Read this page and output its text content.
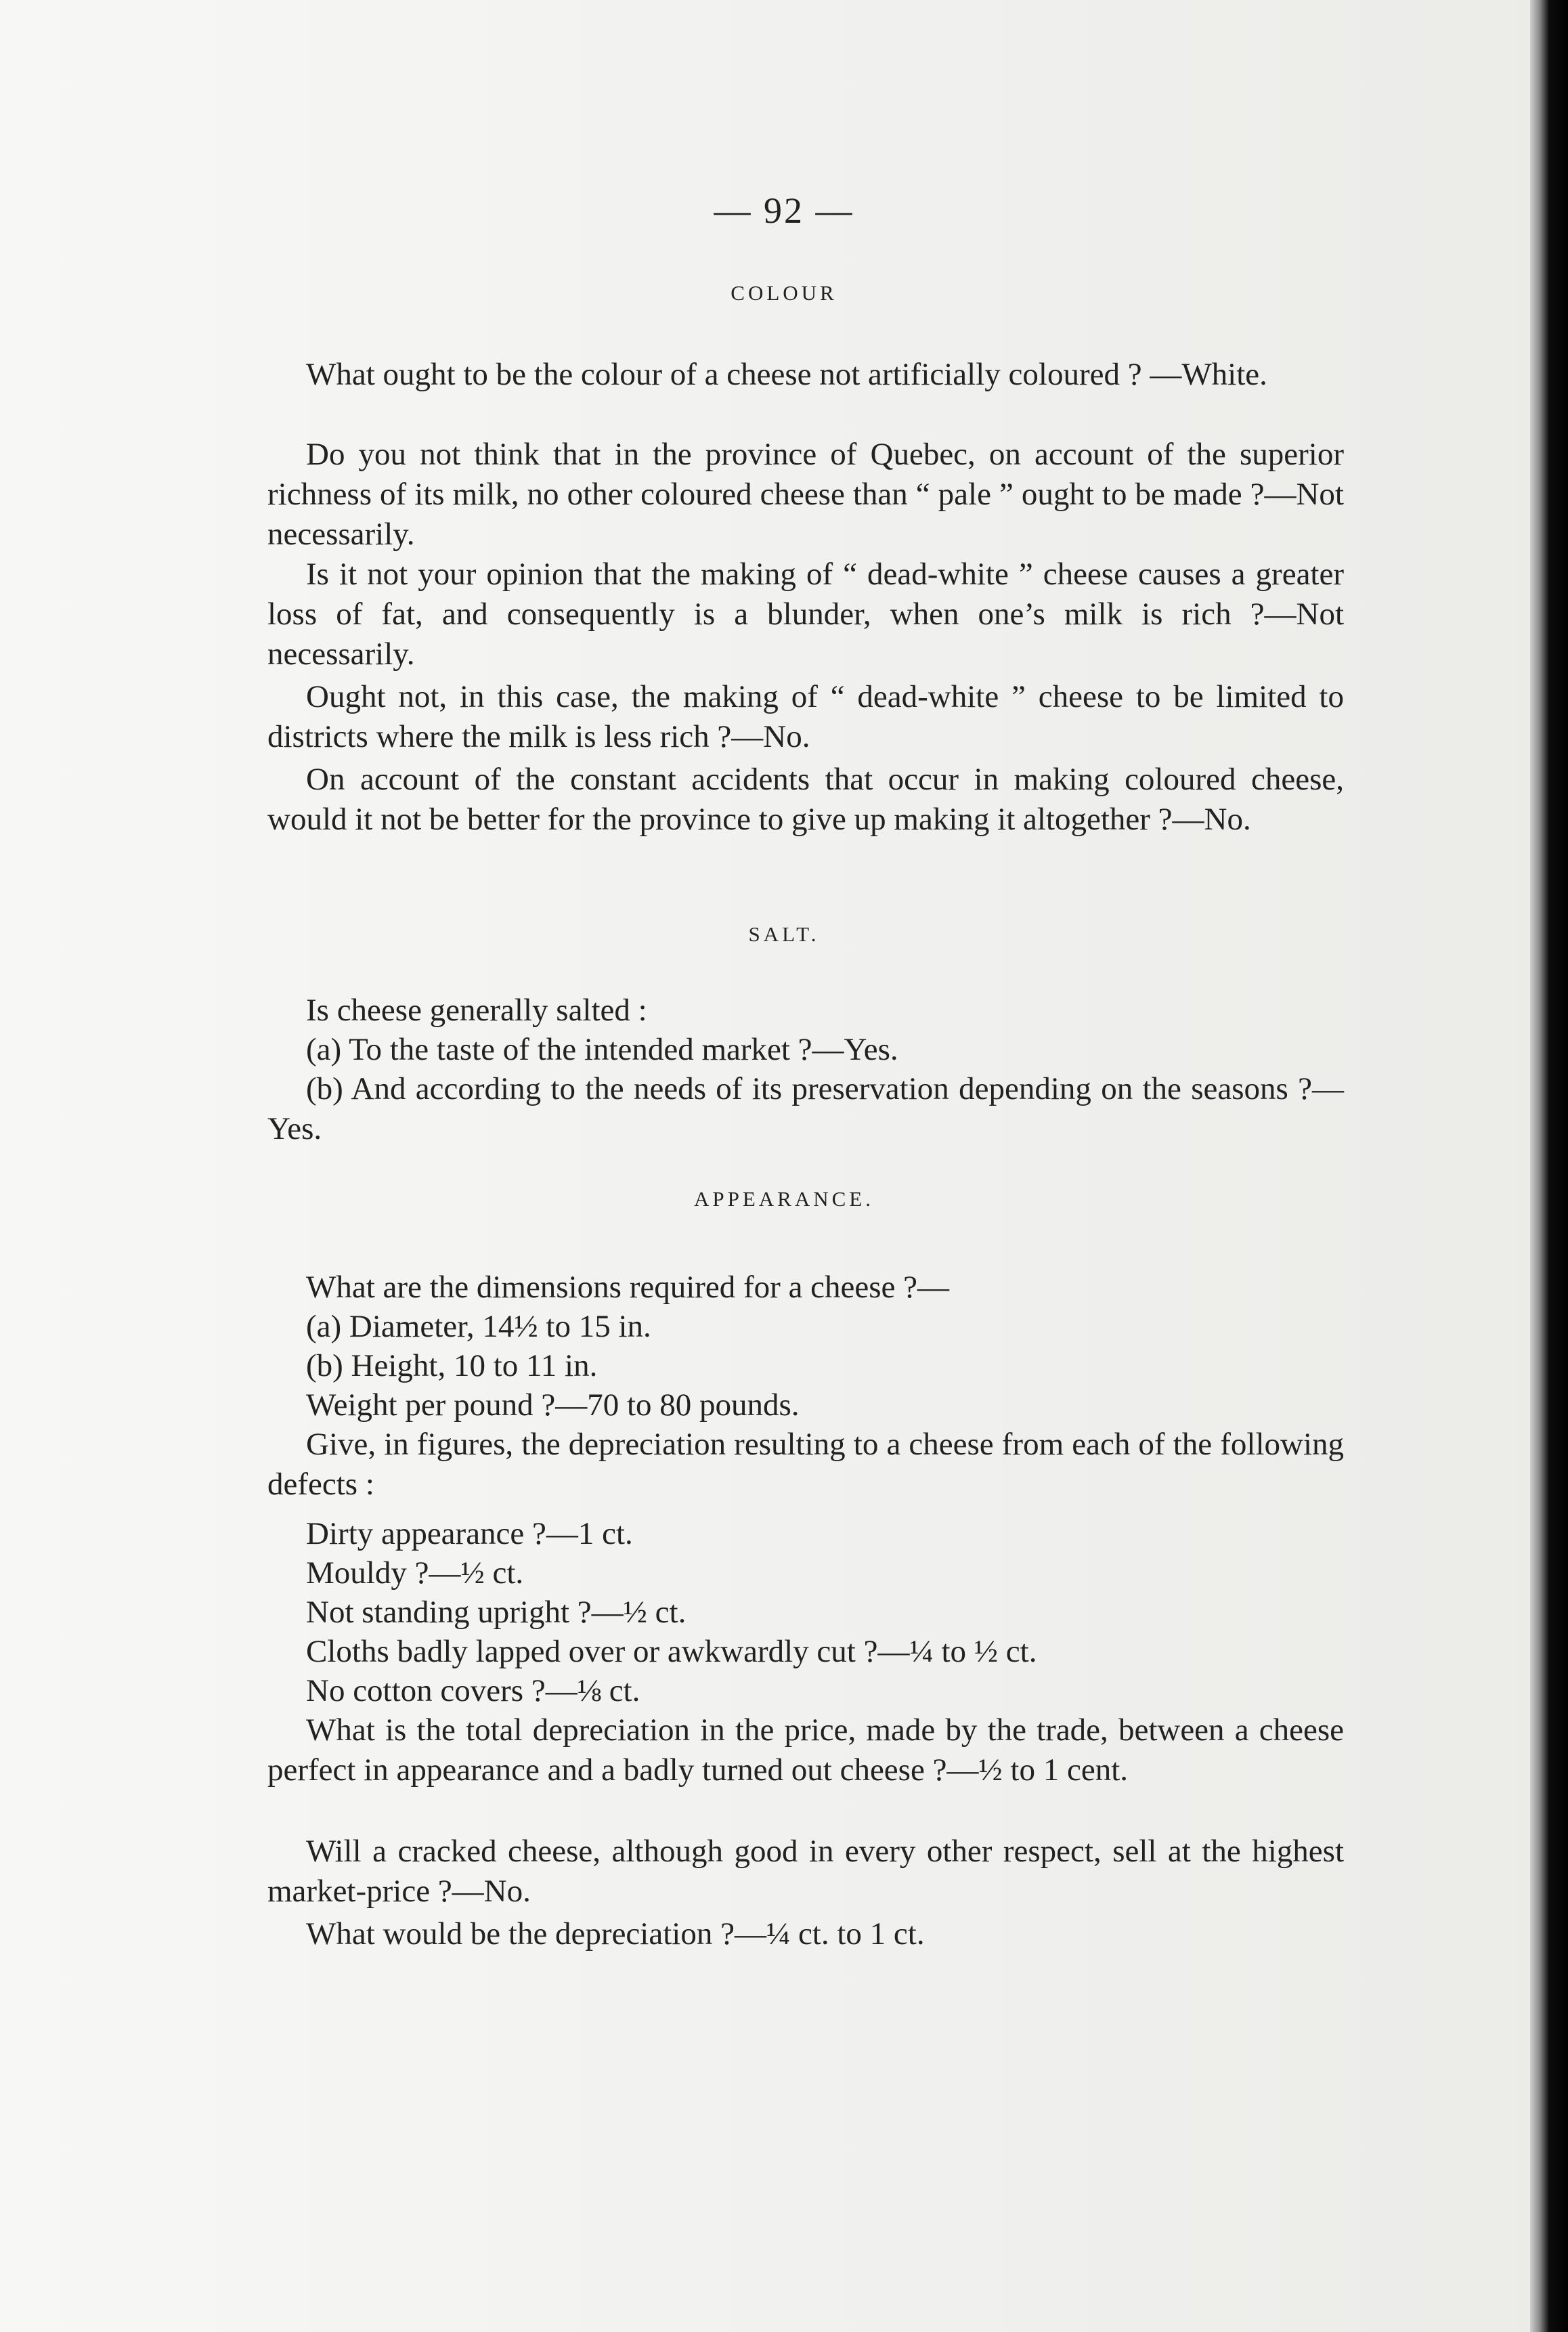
— 92 —
COLOUR

What ought to be the colour of a cheese not artificially coloured ? —White.

Do you not think that in the province of Quebec, on account of the superior richness of its milk, no other coloured cheese than “ pale ” ought to be made ?—Not necessarily.

Is it not your opinion that the making of “ dead-white ” cheese causes a greater loss of fat, and consequently is a blunder, when one’s milk is rich ?—Not necessarily.

Ought not, in this case, the making of “ dead-white ” cheese to be limited to districts where the milk is less rich ?—No.

On account of the constant accidents that occur in making coloured cheese, would it not be better for the province to give up making it altogether ?—No.

SALT.

Is cheese generally salted :

(a) To the taste of the intended market ?—Yes.

(b) And according to the needs of its preservation depending on the seasons ?—Yes.

APPEARANCE.

What are the dimensions required for a cheese ?—

(a) Diameter, 14½ to 15 in.

(b) Height, 10 to 11 in.

Weight per pound ?—70 to 80 pounds.

Give, in figures, the depreciation resulting to a cheese from each of the following defects :

Dirty appearance ?—1 ct.

Mouldy ?—½ ct.

Not standing upright ?—½ ct.

Cloths badly lapped over or awkwardly cut ?—¼ to ½ ct.

No cotton covers ?—⅛ ct.

What is the total depreciation in the price, made by the trade, between a cheese perfect in appearance and a badly turned out cheese ?—½ to 1 cent.

Will a cracked cheese, although good in every other respect, sell at the highest market-price ?—No.

What would be the depreciation ?—¼ ct. to 1 ct.
